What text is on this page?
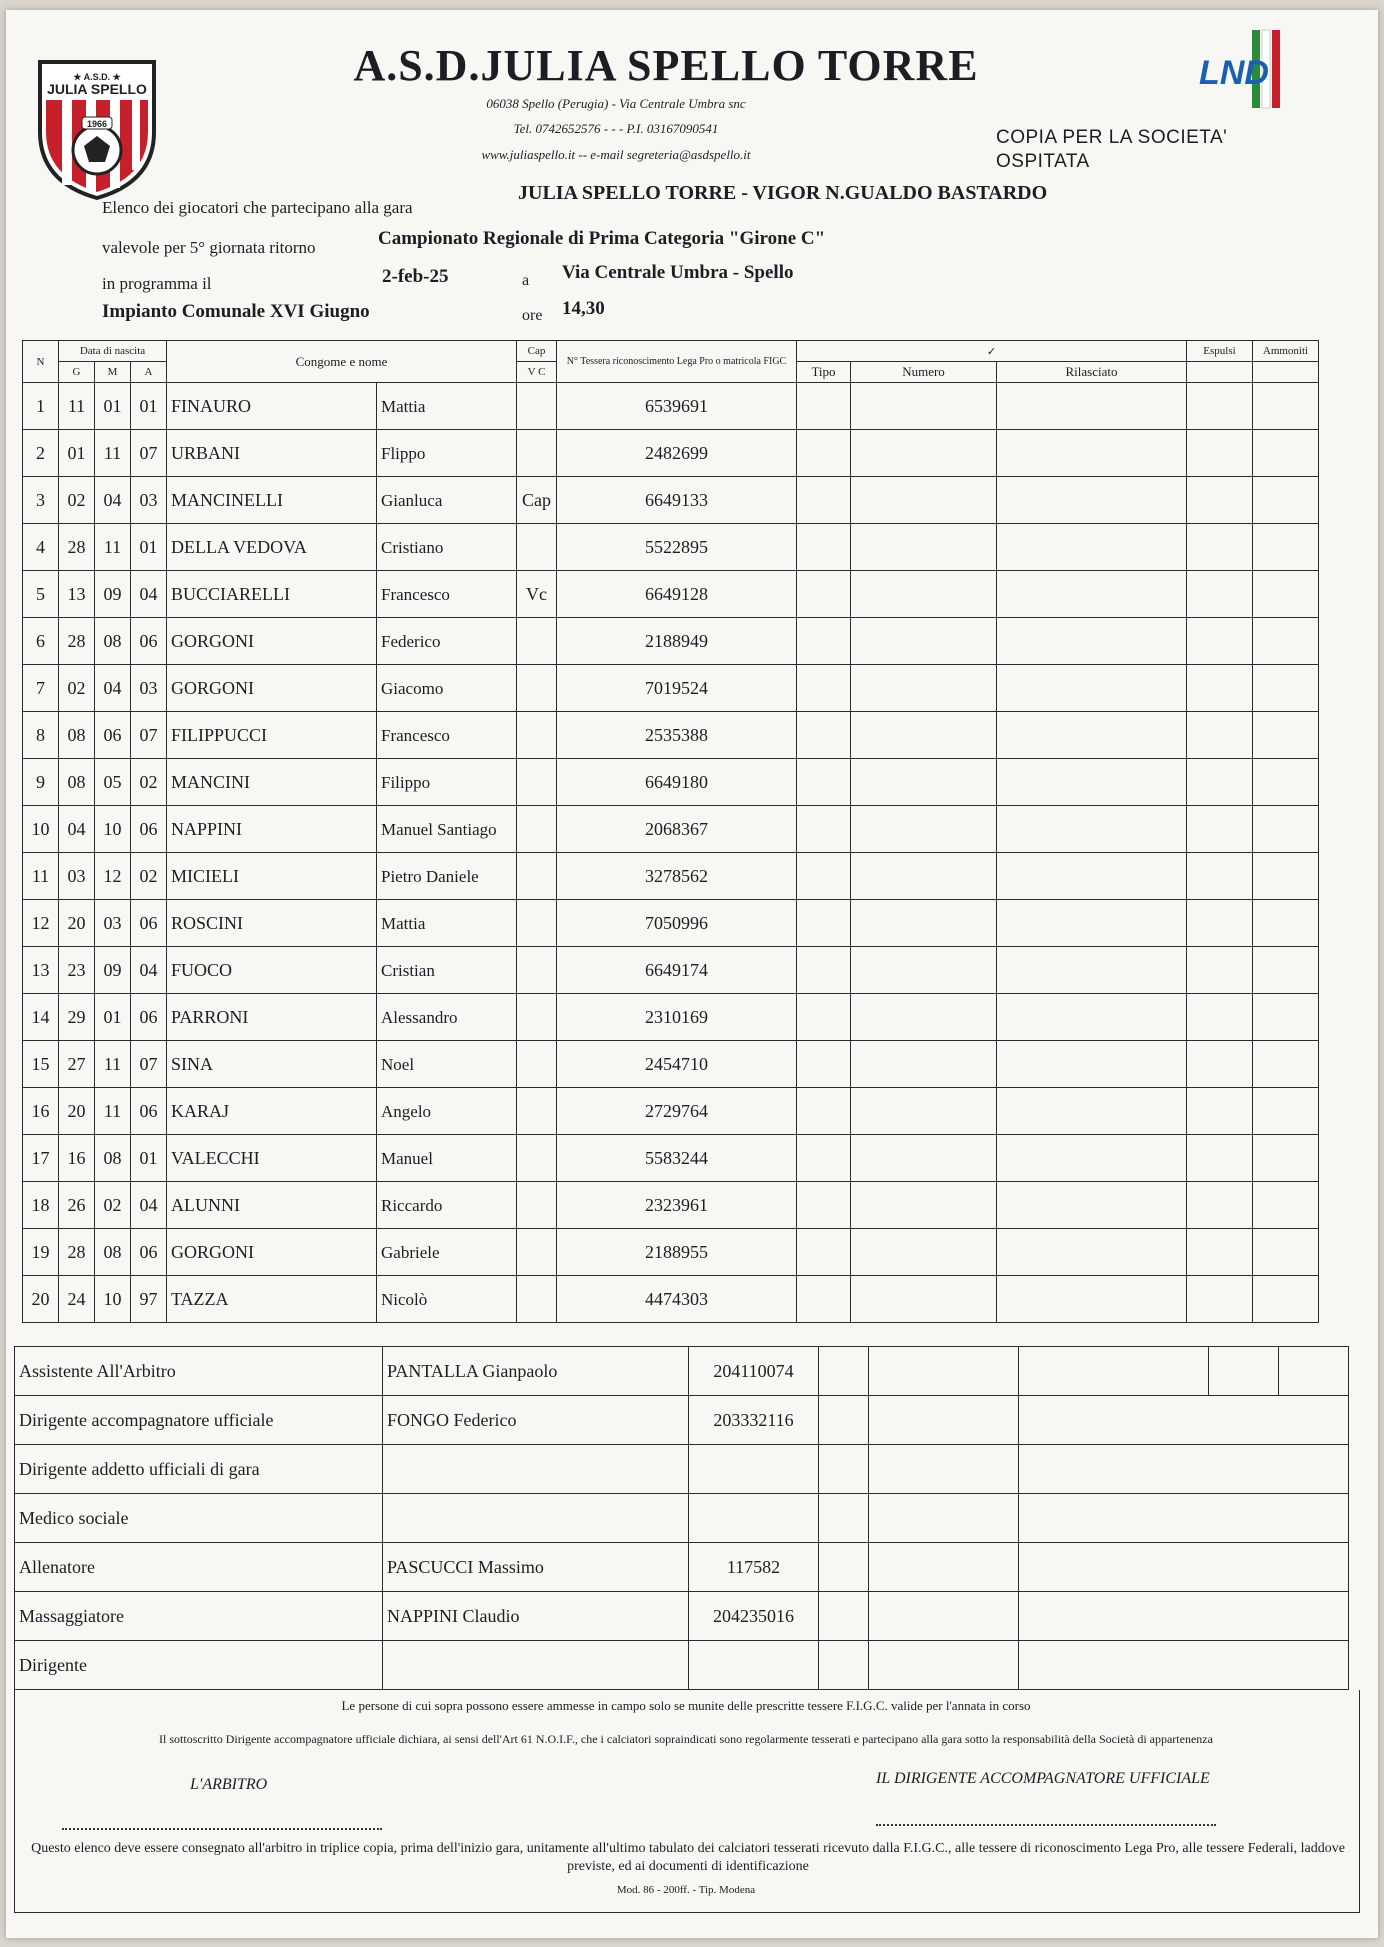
★ A.S.D. ★
JULIA SPELLO
1966
LND
A.S.D.JULIA SPELLO TORRE
06038 Spello (Perugia) - Via Centrale Umbra snc
Tel. 0742652576 - - - P.I. 03167090541
www.juliaspello.it -- e-mail segreteria@asdspello.it
COPIA PER LA SOCIETA'
OSPITATA
Elenco dei giocatori che partecipano alla gara
JULIA SPELLO TORRE - VIGOR N.GUALDO BASTARDO
valevole per 5° giornata ritorno	Campionato Regionale di Prima Categoria "Girone C"
in programma il	2-feb-25	a Via Centrale Umbra - Spello
Impianto Comunale XVI Giugno	ore 14,30
N	Data di nascita			Congome e nome		Cap	N° Tessera riconoscimento Lega Pro o matricola FIGC	✓			Espulsi	Ammoniti
	G	M	A			V C		Tipo	Numero	Rilasciato		
1	11	01	01	FINAURO	Mattia		6539691					
2	01	11	07	URBANI	Flippo		2482699					
3	02	04	03	MANCINELLI	Gianluca	Cap	6649133					
4	28	11	01	DELLA VEDOVA	Cristiano		5522895					
5	13	09	04	BUCCIARELLI	Francesco	Vc	6649128					
6	28	08	06	GORGONI	Federico		2188949					
7	02	04	03	GORGONI	Giacomo		7019524					
8	08	06	07	FILIPPUCCI	Francesco		2535388					
9	08	05	02	MANCINI	Filippo		6649180					
10	04	10	06	NAPPINI	Manuel Santiago		2068367					
11	03	12	02	MICIELI	Pietro Daniele		3278562					
12	20	03	06	ROSCINI	Mattia		7050996					
13	23	09	04	FUOCO	Cristian		6649174					
14	29	01	06	PARRONI	Alessandro		2310169					
15	27	11	07	SINA	Noel		2454710					
16	20	11	06	KARAJ	Angelo		2729764					
17	16	08	01	VALECCHI	Manuel		5583244					
18	26	02	04	ALUNNI	Riccardo		2323961					
19	28	08	06	GORGONI	Gabriele		2188955					
20	24	10	97	TAZZA	Nicolò		4474303					
Assistente All'Arbitro	PANTALLA Gianpaolo	204110074					
Dirigente accompagnatore ufficiale	FONGO Federico	203332116					
Dirigente addetto ufficiali di gara							
Medico sociale							
Allenatore	PASCUCCI Massimo	117582					
Massaggiatore	NAPPINI Claudio	204235016					
Dirigente							
Le persone di cui sopra possono essere ammesse in campo solo se munite delle prescritte tessere F.I.G.C. valide per l'annata in corso
Il sottoscritto Dirigente accompagnatore ufficiale dichiara, ai sensi dell'Art 61 N.O.I.F., che i calciatori sopraindicati sono regolarmente tesserati e partecipano alla gara sotto la responsabilità della Società di appartenenza
L'ARBITRO	IL DIRIGENTE ACCOMPAGNATORE UFFICIALE
Questo elenco deve essere consegnato all'arbitro in triplice copia, prima dell'inizio gara, unitamente all'ultimo tabulato dei calciatori tesserati ricevuto dalla F.I.G.C., alle tessere di riconoscimento Lega Pro, alle tessere Federali, laddove previste, ed ai documenti di identificazione
Mod. 86 - 200ff. - Tip. Modena
